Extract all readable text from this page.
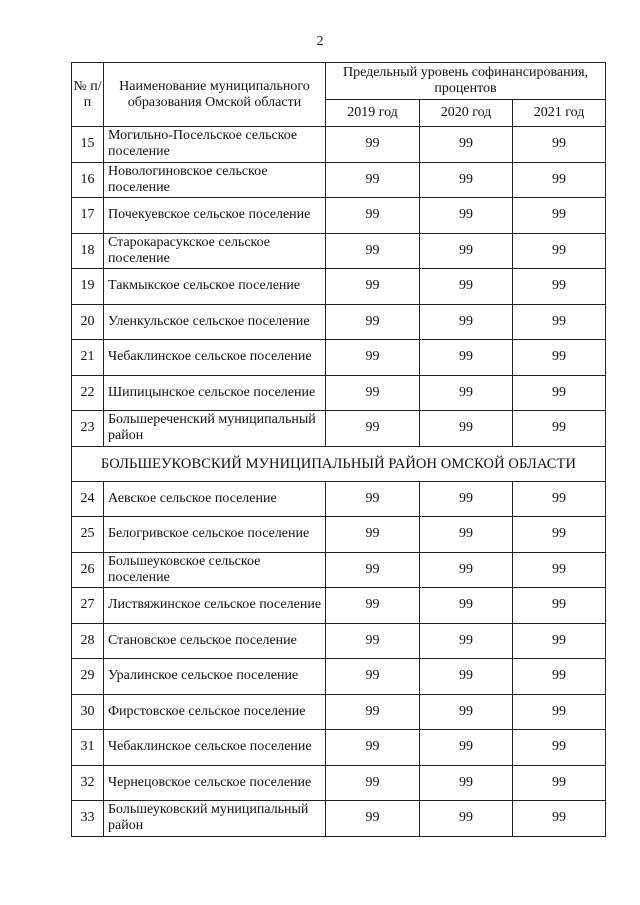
2
№ п/п	Наименование муниципального образования Омской области	Предельный уровень софинансирования, процентов		
		2019 год	2020 год	2021 год
15	Могильно-Посельское сельское поселение	99	99	99
16	Новологиновское сельское поселение	99	99	99
17	Почекуевское сельское поселение	99	99	99
18	Старокарасукское сельское поселение	99	99	99
19	Такмыкское сельское поселение	99	99	99
20	Уленкульское сельское поселение	99	99	99
21	Чебаклинское сельское поселение	99	99	99
22	Шипицынское сельское поселение	99	99	99
23	Большереченский муниципальный район	99	99	99
БОЛЬШЕУКОВСКИЙ МУНИЦИПАЛЬНЫЙ РАЙОН ОМСКОЙ ОБЛАСТИ				
24	Аевское сельское поселение	99	99	99
25	Белогривское сельское поселение	99	99	99
26	Большеуковское сельское поселение	99	99	99
27	Листвяжинское сельское поселение	99	99	99
28	Становское сельское поселение	99	99	99
29	Уралинское сельское поселение	99	99	99
30	Фирстовское сельское поселение	99	99	99
31	Чебаклинское сельское поселение	99	99	99
32	Чернецовское сельское поселение	99	99	99
33	Большеуковский муниципальный район	99	99	99
